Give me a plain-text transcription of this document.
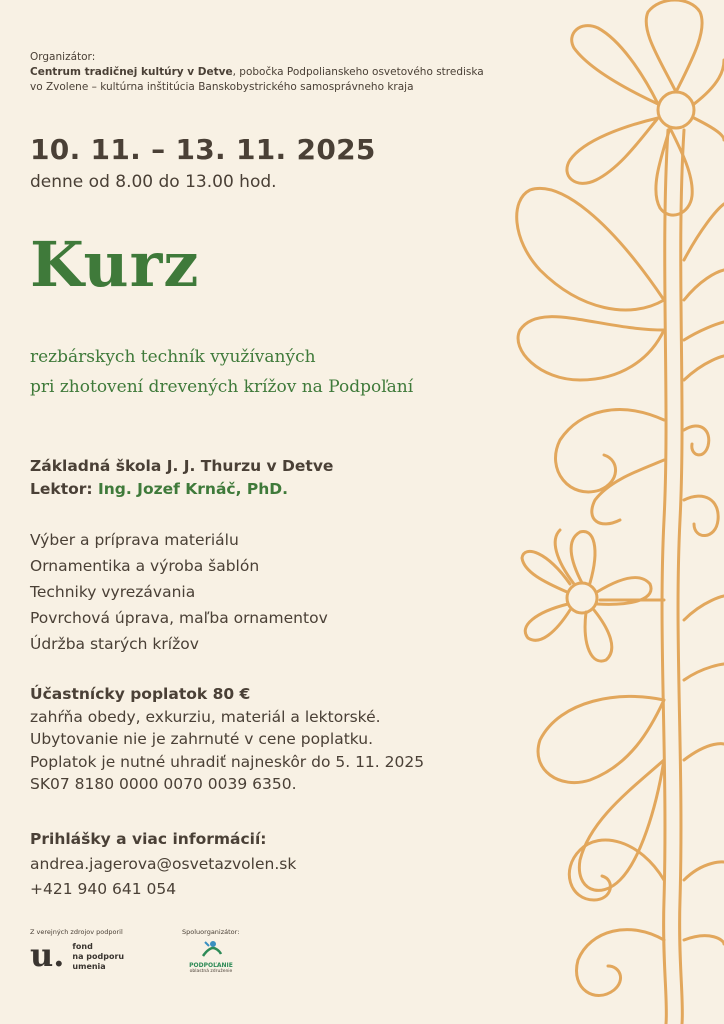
Organizátor:
Centrum tradičnej kultúry v Detve, pobočka Podpolianskeho osvetového strediska
vo Zvolene – kultúrna inštitúcia Banskobystrického samosprávneho kraja
10. 11. – 13. 11. 2025
denne od 8.00 do 13.00 hod.
Kurz
rezbárskych techník využívaných
pri zhotovení drevených krížov na Podpoľaní
Základná škola J. J. Thurzu v Detve
Lektor: Ing. Jozef Krnáč, PhD.
Výber a príprava materiálu
Ornamentika a výroba šablón
Techniky vyrezávania
Povrchová úprava, maľba ornamentov
Údržba starých krížov
Účastnícky poplatok 80 €
zahŕňa obedy, exkurziu, materiál a lektorské.
Ubytovanie nie je zahrnuté v cene poplatku.
Poplatok je nutné uhradiť najneskôr do 5. 11. 2025
SK07 8180 0000 0070 0039 6350.
Prihlášky a viac informácií:
andrea.jagerova@osvetazvolen.sk
+421 940 641 054
Z verejných zdrojov podporil
u. fond
na podporu
umenia
Spoluorganizátor:
PODPOĽANIE
oblastná združenie
